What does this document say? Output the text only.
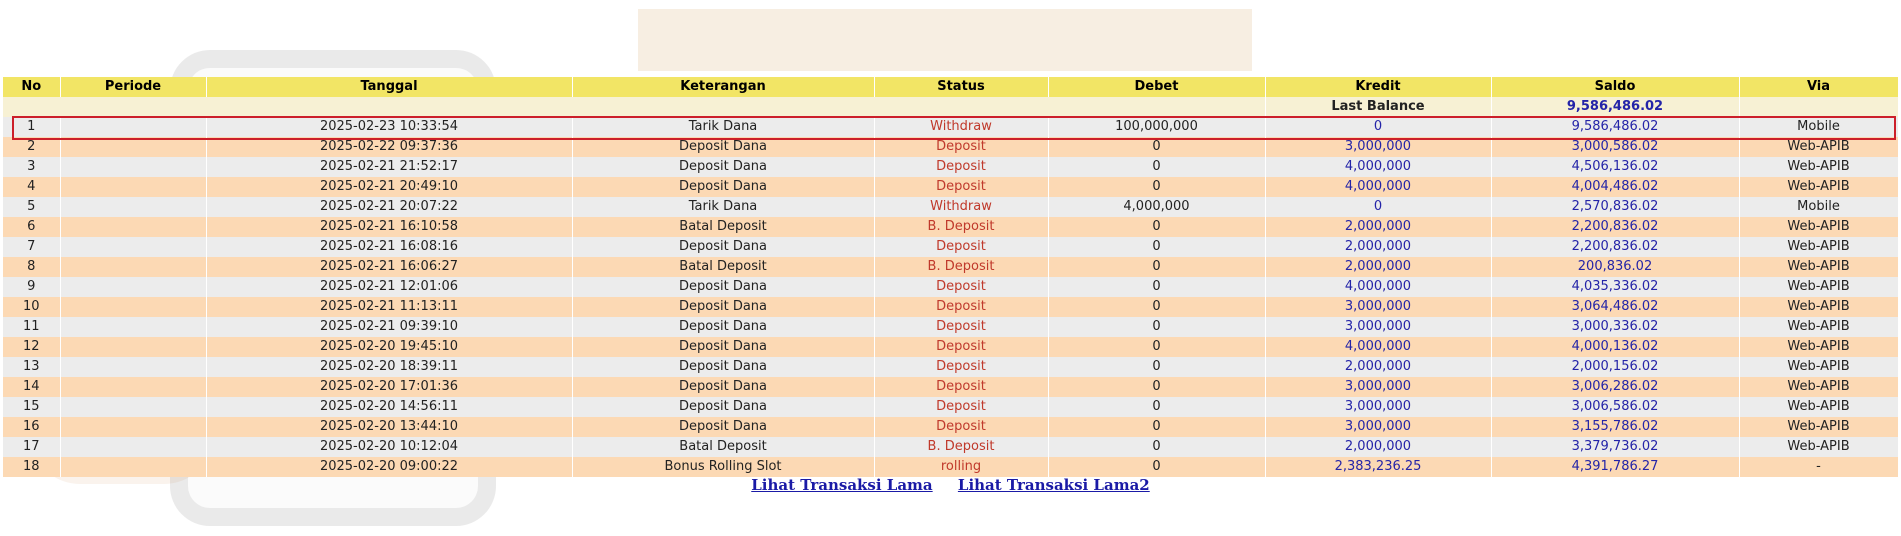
No	Periode	Tanggal	Keterangan	Status	Debet	Kredit	Saldo	Via
						Last Balance	9,586,486.02	
1		2025-02-23 10:33:54	Tarik Dana	Withdraw	100,000,000	0	9,586,486.02	Mobile
2		2025-02-22 09:37:36	Deposit Dana	Deposit	0	3,000,000	3,000,586.02	Web-APIB
3		2025-02-21 21:52:17	Deposit Dana	Deposit	0	4,000,000	4,506,136.02	Web-APIB
4		2025-02-21 20:49:10	Deposit Dana	Deposit	0	4,000,000	4,004,486.02	Web-APIB
5		2025-02-21 20:07:22	Tarik Dana	Withdraw	4,000,000	0	2,570,836.02	Mobile
6		2025-02-21 16:10:58	Batal Deposit	B. Deposit	0	2,000,000	2,200,836.02	Web-APIB
7		2025-02-21 16:08:16	Deposit Dana	Deposit	0	2,000,000	2,200,836.02	Web-APIB
8		2025-02-21 16:06:27	Batal Deposit	B. Deposit	0	2,000,000	200,836.02	Web-APIB
9		2025-02-21 12:01:06	Deposit Dana	Deposit	0	4,000,000	4,035,336.02	Web-APIB
10		2025-02-21 11:13:11	Deposit Dana	Deposit	0	3,000,000	3,064,486.02	Web-APIB
11		2025-02-21 09:39:10	Deposit Dana	Deposit	0	3,000,000	3,000,336.02	Web-APIB
12		2025-02-20 19:45:10	Deposit Dana	Deposit	0	4,000,000	4,000,136.02	Web-APIB
13		2025-02-20 18:39:11	Deposit Dana	Deposit	0	2,000,000	2,000,156.02	Web-APIB
14		2025-02-20 17:01:36	Deposit Dana	Deposit	0	3,000,000	3,006,286.02	Web-APIB
15		2025-02-20 14:56:11	Deposit Dana	Deposit	0	3,000,000	3,006,586.02	Web-APIB
16		2025-02-20 13:44:10	Deposit Dana	Deposit	0	3,000,000	3,155,786.02	Web-APIB
17		2025-02-20 10:12:04	Batal Deposit	B. Deposit	0	2,000,000	3,379,736.02	Web-APIB
18		2025-02-20 09:00:22	Bonus Rolling Slot	rolling	0	2,383,236.25	4,391,786.27	-
Lihat Transaksi Lama Lihat Transaksi Lama2
